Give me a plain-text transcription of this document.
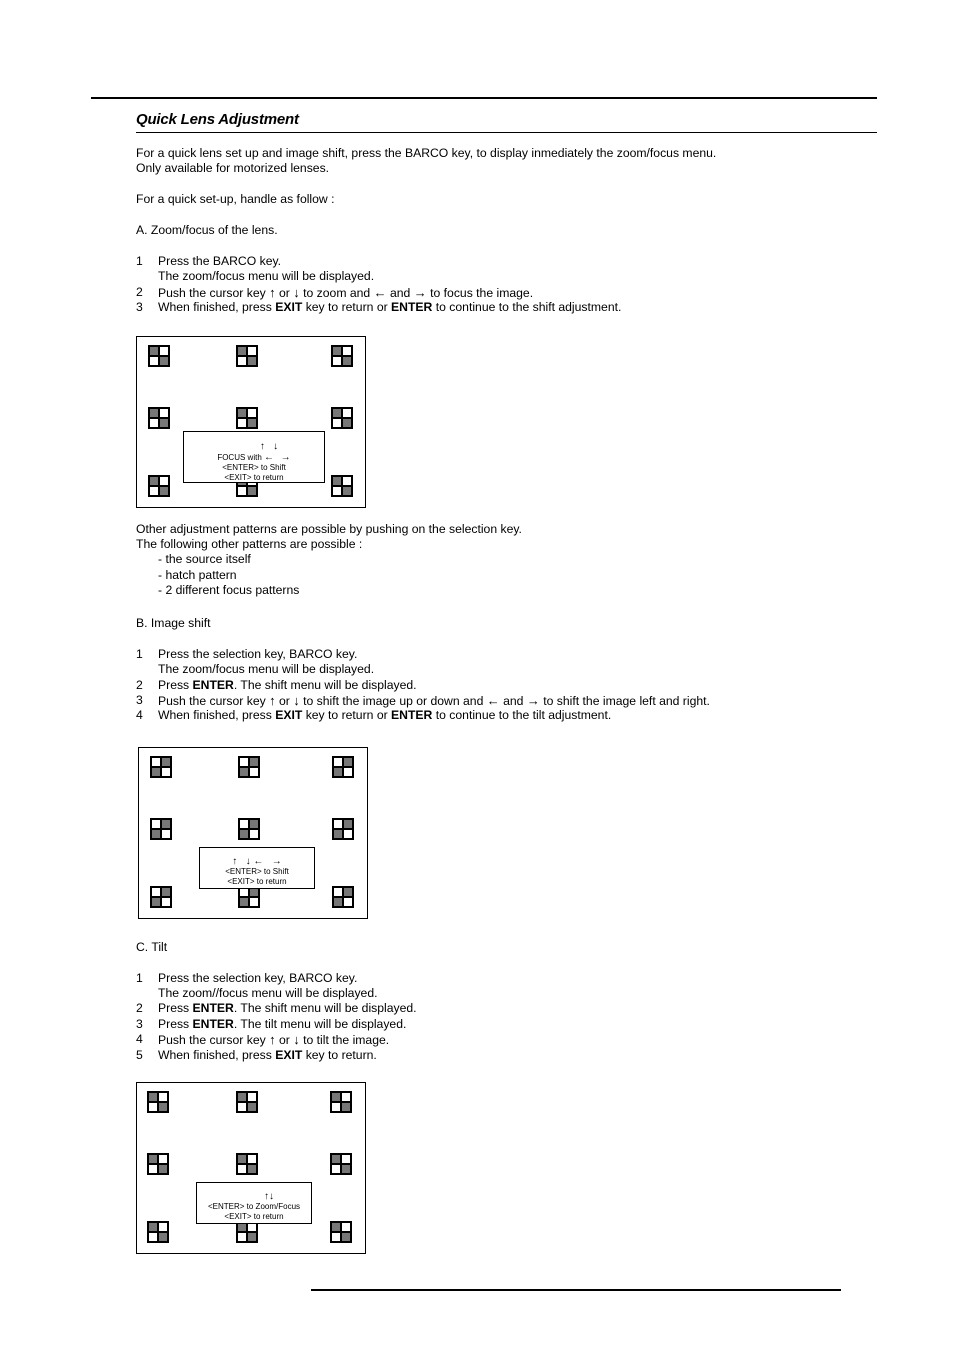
Quick Lens Adjustment
For a quick lens set up and image shift, press the BARCO key, to display inmediately the zoom/focus menu.
Only available for motorized lenses.
For a quick set-up, handle as follow :
A. Zoom/focus of the lens.
1 Press the BARCO key.
The zoom/focus menu will be displayed.
2 Push the cursor key ↑ or ↓ to zoom and ← and → to focus the image.
3 When finished, press EXIT key to return or ENTER to continue to the shift adjustment.
↑ ↓
FOCUS with ← →
<ENTER> to Shift
<EXIT> to return
Other adjustment patterns are possible by pushing on the selection key.
The following other patterns are possible :
- the source itself
- hatch pattern
- 2 different focus patterns
B. Image shift
1 Press the selection key, BARCO key.
The zoom/focus menu will be displayed.
2 Press ENTER. The shift menu will be displayed.
3 Push the cursor key ↑ or ↓ to shift the image up or down and ← and → to shift the image left and right.
4 When finished, press EXIT key to return or ENTER to continue to the tilt adjustment.
↑ ↓ ← →
<ENTER> to Shift
<EXIT> to return
C. Tilt
1 Press the selection key, BARCO key.
The zoom//focus menu will be displayed.
2 Press ENTER. The shift menu will be displayed.
3 Press ENTER. The tilt menu will be displayed.
4 Push the cursor key ↑ or ↓ to tilt the image.
5 When finished, press EXIT key to return.
↑↓
<ENTER> to Zoom/Focus
<EXIT> to return
